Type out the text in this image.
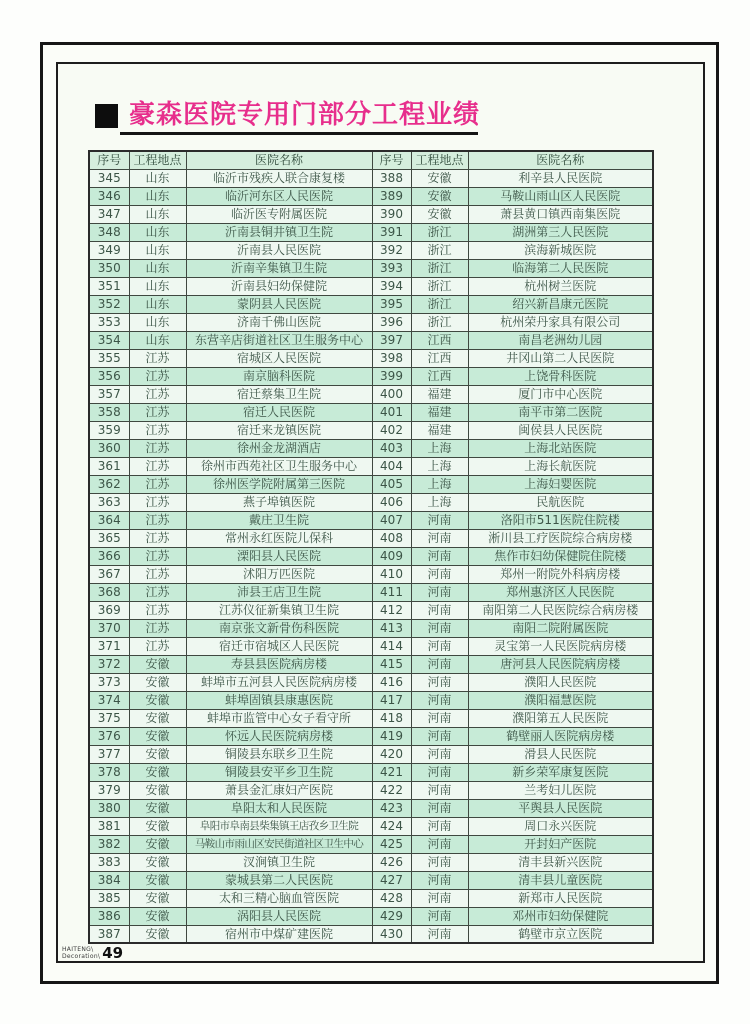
豪森医院专用门部分工程业绩
序号	工程地点	医院名称	序号	工程地点	医院名称
345	山东	临沂市残疾人联合康复楼	388	安徽	利辛县人民医院
346	山东	临沂河东区人民医院	389	安徽	马鞍山雨山区人民医院
347	山东	临沂医专附属医院	390	安徽	萧县黄口镇西南集医院
348	山东	沂南县铜井镇卫生院	391	浙江	湖洲第三人民医院
349	山东	沂南县人民医院	392	浙江	滨海新城医院
350	山东	沂南辛集镇卫生院	393	浙江	临海第二人民医院
351	山东	沂南县妇幼保健院	394	浙江	杭州树兰医院
352	山东	蒙阴县人民医院	395	浙江	绍兴新昌康元医院
353	山东	济南千佛山医院	396	浙江	杭州荣丹家具有限公司
354	山东	东营辛店街道社区卫生服务中心	397	江西	南昌老洲幼儿园
355	江苏	宿城区人民医院	398	江西	井冈山第二人民医院
356	江苏	南京脑科医院	399	江西	上饶骨科医院
357	江苏	宿迁蔡集卫生院	400	福建	厦门市中心医院
358	江苏	宿迁人民医院	401	福建	南平市第二医院
359	江苏	宿迁来龙镇医院	402	福建	闽侯县人民医院
360	江苏	徐州金龙湖酒店	403	上海	上海北站医院
361	江苏	徐州市西苑社区卫生服务中心	404	上海	上海长航医院
362	江苏	徐州医学院附属第三医院	405	上海	上海妇婴医院
363	江苏	燕子埠镇医院	406	上海	民航医院
364	江苏	戴庄卫生院	407	河南	洛阳市511医院住院楼
365	江苏	常州永红医院儿保科	408	河南	淅川县工疗医院综合病房楼
366	江苏	溧阳县人民医院	409	河南	焦作市妇幼保健院住院楼
367	江苏	沭阳万匹医院	410	河南	郑州一附院外科病房楼
368	江苏	沛县王店卫生院	411	河南	郑州惠济区人民医院
369	江苏	江苏仪征新集镇卫生院	412	河南	南阳第二人民医院综合病房楼
370	江苏	南京张文新骨伤科医院	413	河南	南阳二院附属医院
371	江苏	宿迁市宿城区人民医院	414	河南	灵宝第一人民医院病房楼
372	安徽	寿县县医院病房楼	415	河南	唐河县人民医院病房楼
373	安徽	蚌埠市五河县人民医院病房楼	416	河南	濮阳人民医院
374	安徽	蚌埠固镇县康惠医院	417	河南	濮阳福慧医院
375	安徽	蚌埠市监管中心女子看守所	418	河南	濮阳第五人民医院
376	安徽	怀远人民医院病房楼	419	河南	鹤壁丽人医院病房楼
377	安徽	铜陵县东联乡卫生院	420	河南	滑县人民医院
378	安徽	铜陵县安平乡卫生院	421	河南	新乡荣军康复医院
379	安徽	萧县金汇康妇产医院	422	河南	兰考妇儿医院
380	安徽	阜阳太和人民医院	423	河南	平舆县人民医院
381	安徽	阜阳市阜南县柴集镇王店孜乡卫生院	424	河南	周口永兴医院
382	安徽	马鞍山市雨山区安民街道社区卫生中心	425	河南	开封妇产医院
383	安徽	汊涧镇卫生院	426	河南	清丰县新兴医院
384	安徽	蒙城县第二人民医院	427	河南	清丰县儿童医院
385	安徽	太和三精心脑血管医院	428	河南	新郑市人民医院
386	安徽	涡阳县人民医院	429	河南	邓州市妇幼保健院
387	安徽	宿州市中煤矿建医院	430	河南	鹤壁市京立医院
HAITENG\
Decoration\ 49
